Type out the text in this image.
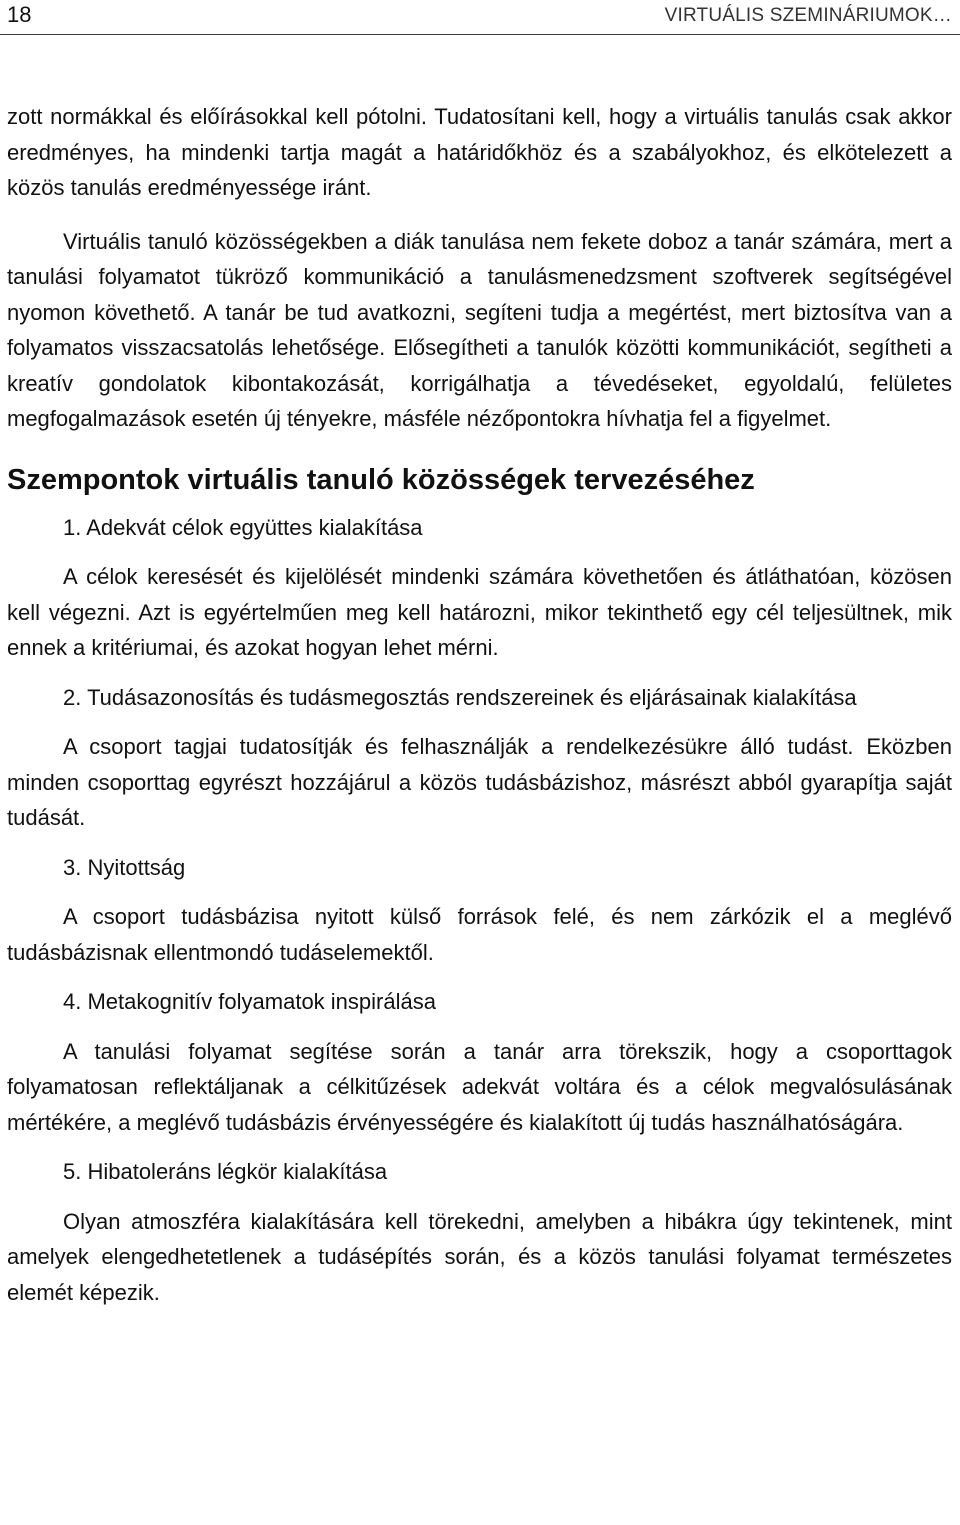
18	VIRTUÁLIS SZEMINÁRIUMOK…

zott normákkal és előírásokkal kell pótolni. Tudatosítani kell, hogy a virtuális tanulás csak akkor eredményes, ha mindenki tartja magát a határidőkhöz és a szabályokhoz, és elkötelezett a közös tanulás eredményessége iránt.

Virtuális tanuló közösségekben a diák tanulása nem fekete doboz a tanár számára, mert a tanulási folyamatot tükröző kommunikáció a tanulásmenedzsment szoftverek segítségével nyomon követhető. A tanár be tud avatkozni, segíteni tudja a megértést, mert biztosítva van a folyamatos visszacsatolás lehetősége. Elősegítheti a tanulók közötti kommunikációt, segítheti a kreatív gondolatok kibontakozását, korrigálhatja a tévedéseket, egyoldalú, felületes megfogalmazások esetén új tényekre, másféle nézőpontokra hívhatja fel a figyelmet.

Szempontok virtuális tanuló közösségek tervezéséhez

1. Adekvát célok együttes kialakítása

A célok keresését és kijelölését mindenki számára követhetően és átláthatóan, közösen kell végezni. Azt is egyértelműen meg kell határozni, mikor tekinthető egy cél teljesültnek, mik ennek a kritériumai, és azokat hogyan lehet mérni.

2. Tudásazonosítás és tudásmegosztás rendszereinek és eljárásainak kialakítása

A csoport tagjai tudatosítják és felhasználják a rendelkezésükre álló tudást. Eközben minden csoporttag egyrészt hozzájárul a közös tudásbázishoz, másrészt abból gyarapítja saját tudását.

3. Nyitottság

A csoport tudásbázisa nyitott külső források felé, és nem zárkózik el a meglévő tudásbázisnak ellentmondó tudáselemektől.

4. Metakognitív folyamatok inspirálása

A tanulási folyamat segítése során a tanár arra törekszik, hogy a csoporttagok folyamatosan reflektáljanak a célkitűzések adekvát voltára és a célok megvalósulásának mértékére, a meglévő tudásbázis érvényességére és kialakított új tudás használhatóságára.

5. Hibatoleráns légkör kialakítása

Olyan atmoszféra kialakítására kell törekedni, amelyben a hibákra úgy tekintenek, mint amelyek elengedhetetlenek a tudásépítés során, és a közös tanulási folyamat természetes elemét képezik.
